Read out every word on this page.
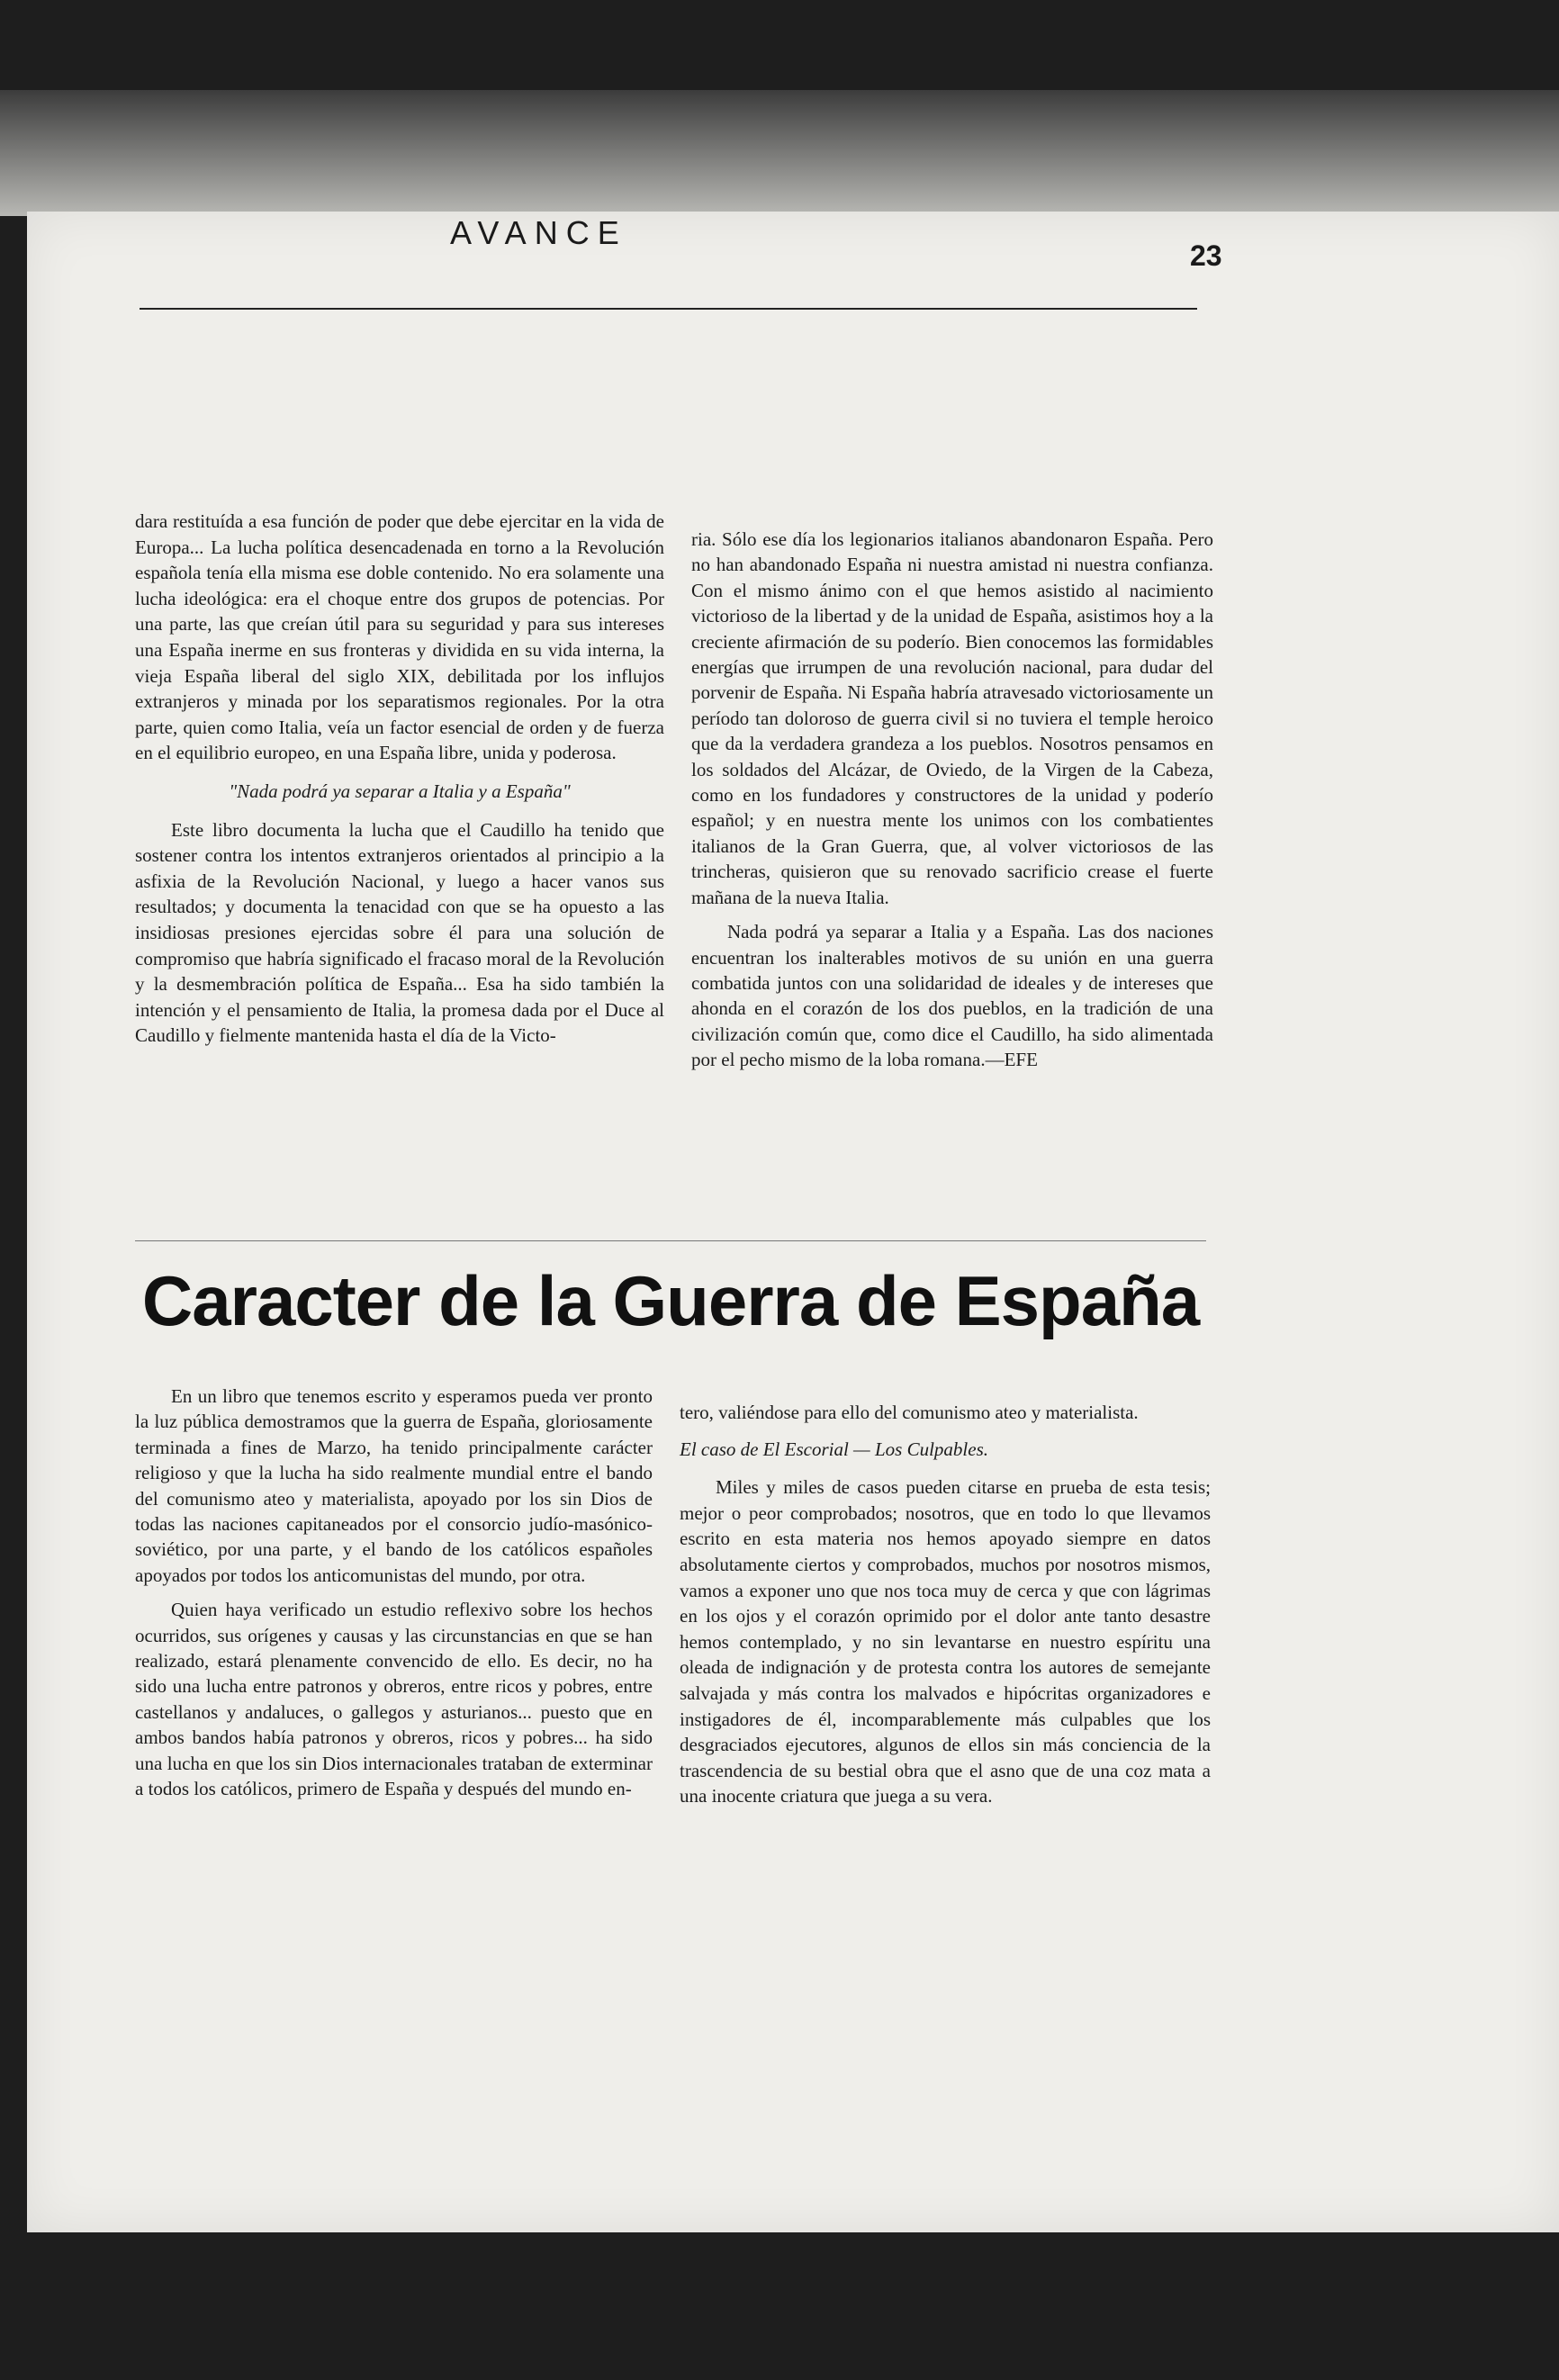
AVANCE
23

dara restituída a esa función de poder que debe ejercitar en la vida de Europa... La lucha política desencadenada en torno a la Revolución española tenía ella misma ese doble contenido. No era solamente una lucha ideológica: era el choque entre dos grupos de potencias. Por una parte, las que creían útil para su seguridad y para sus intereses una España inerme en sus fronteras y dividida en su vida interna, la vieja España liberal del siglo XIX, debilitada por los influjos extranjeros y minada por los separatismos regionales. Por la otra parte, quien como Italia, veía un factor esencial de orden y de fuerza en el equilibrio europeo, en una España libre, unida y poderosa.

"Nada podrá ya separar a Italia y a España"

Este libro documenta la lucha que el Caudillo ha tenido que sostener contra los intentos extranjeros orientados al principio a la asfixia de la Revolución Nacional, y luego a hacer vanos sus resultados; y documenta la tenacidad con que se ha opuesto a las insidiosas presiones ejercidas sobre él para una solución de compromiso que habría significado el fracaso moral de la Revolución y la desmembración política de España... Esa ha sido también la intención y el pensamiento de Italia, la promesa dada por el Duce al Caudillo y fielmente mantenida hasta el día de la Victo-

ria. Sólo ese día los legionarios italianos abandonaron España. Pero no han abandonado España ni nuestra amistad ni nuestra confianza. Con el mismo ánimo con el que hemos asistido al nacimiento victorioso de la libertad y de la unidad de España, asistimos hoy a la creciente afirmación de su poderío. Bien conocemos las formidables energías que irrumpen de una revolución nacional, para dudar del porvenir de España. Ni España habría atravesado victoriosamente un período tan doloroso de guerra civil si no tuviera el temple heroico que da la verdadera grandeza a los pueblos. Nosotros pensamos en los soldados del Alcázar, de Oviedo, de la Virgen de la Cabeza, como en los fundadores y constructores de la unidad y poderío español; y en nuestra mente los unimos con los combatientes italianos de la Gran Guerra, que, al volver victoriosos de las trincheras, quisieron que su renovado sacrificio crease el fuerte mañana de la nueva Italia.

Nada podrá ya separar a Italia y a España. Las dos naciones encuentran los inalterables motivos de su unión en una guerra combatida juntos con una solidaridad de ideales y de intereses que ahonda en el corazón de los dos pueblos, en la tradición de una civilización común que, como dice el Caudillo, ha sido alimentada por el pecho mismo de la loba romana.—EFE

Caracter de la Guerra de España

En un libro que tenemos escrito y esperamos pueda ver pronto la luz pública demostramos que la guerra de España, gloriosamente terminada a fines de Marzo, ha tenido principalmente carácter religioso y que la lucha ha sido realmente mundial entre el bando del comunismo ateo y materialista, apoyado por los sin Dios de todas las naciones capitaneados por el consorcio judío-masónico-soviético, por una parte, y el bando de los católicos españoles apoyados por todos los anticomunistas del mundo, por otra.

Quien haya verificado un estudio reflexivo sobre los hechos ocurridos, sus orígenes y causas y las circunstancias en que se han realizado, estará plenamente convencido de ello. Es decir, no ha sido una lucha entre patronos y obreros, entre ricos y pobres, entre castellanos y andaluces, o gallegos y asturianos... puesto que en ambos bandos había patronos y obreros, ricos y pobres... ha sido una lucha en que los sin Dios internacionales trataban de exterminar a todos los católicos, primero de España y después del mundo en-

tero, valiéndose para ello del comunismo ateo y materialista.

El caso de El Escorial — Los Culpables.

Miles y miles de casos pueden citarse en prueba de esta tesis; mejor o peor comprobados; nosotros, que en todo lo que llevamos escrito en esta materia nos hemos apoyado siempre en datos absolutamente ciertos y comprobados, muchos por nosotros mismos, vamos a exponer uno que nos toca muy de cerca y que con lágrimas en los ojos y el corazón oprimido por el dolor ante tanto desastre hemos contemplado, y no sin levantarse en nuestro espíritu una oleada de indignación y de protesta contra los autores de semejante salvajada y más contra los malvados e hipócritas organizadores e instigadores de él, incomparablemente más culpables que los desgraciados ejecutores, algunos de ellos sin más conciencia de la trascendencia de su bestial obra que el asno que de una coz mata a una inocente criatura que juega a su vera.
